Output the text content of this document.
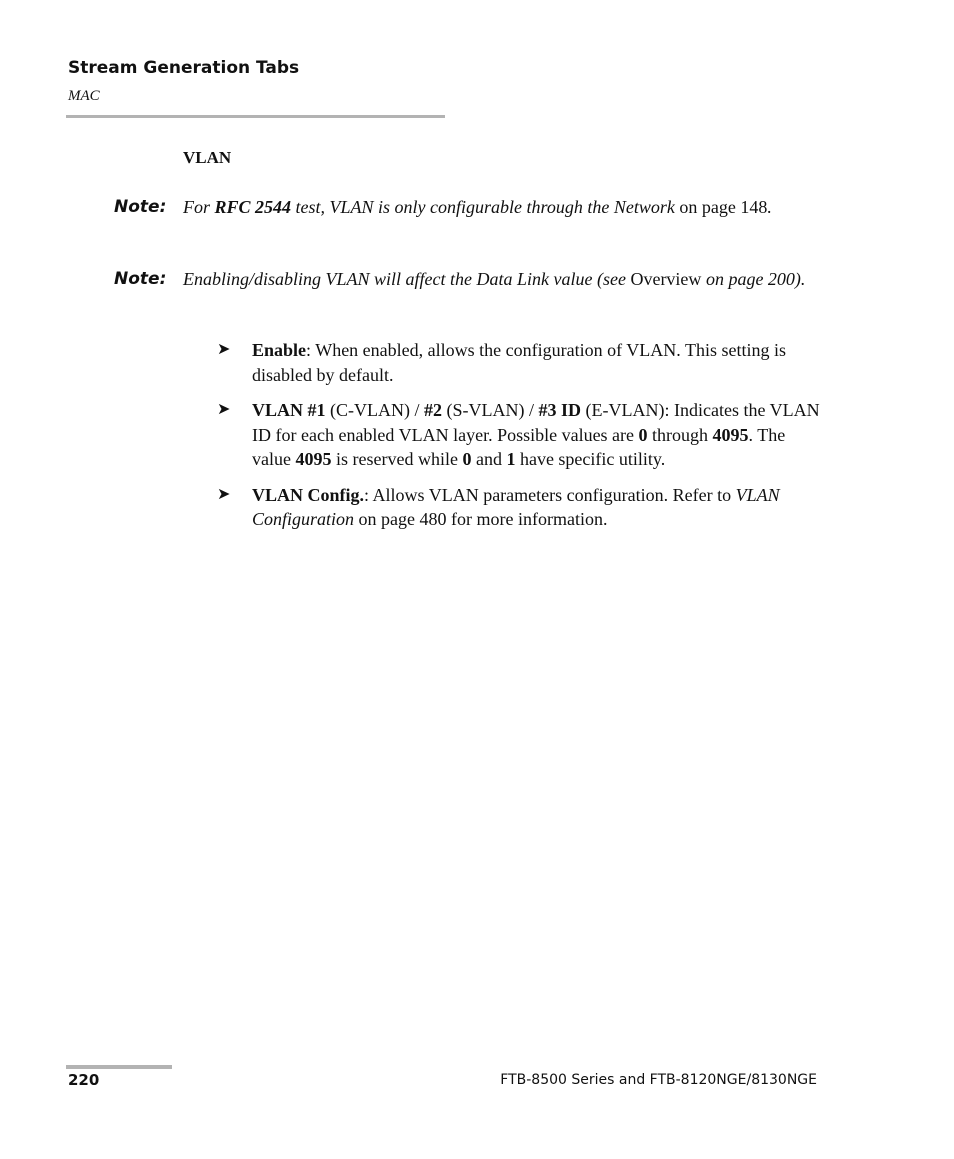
Stream Generation Tabs
MAC
VLAN
Note: For RFC 2544 test, VLAN is only configurable through the Network on page 148.
Note: Enabling/disabling VLAN will affect the Data Link value (see Overview on page 200).
➤ Enable: When enabled, allows the configuration of VLAN. This setting is disabled by default.
➤ VLAN #1 (C-VLAN) / #2 (S-VLAN) / #3 ID (E-VLAN): Indicates the VLAN ID for each enabled VLAN layer. Possible values are 0 through 4095. The value 4095 is reserved while 0 and 1 have specific utility.
➤ VLAN Config.: Allows VLAN parameters configuration. Refer to VLAN Configuration on page 480 for more information.
220	FTB-8500 Series and FTB-8120NGE/8130NGE
